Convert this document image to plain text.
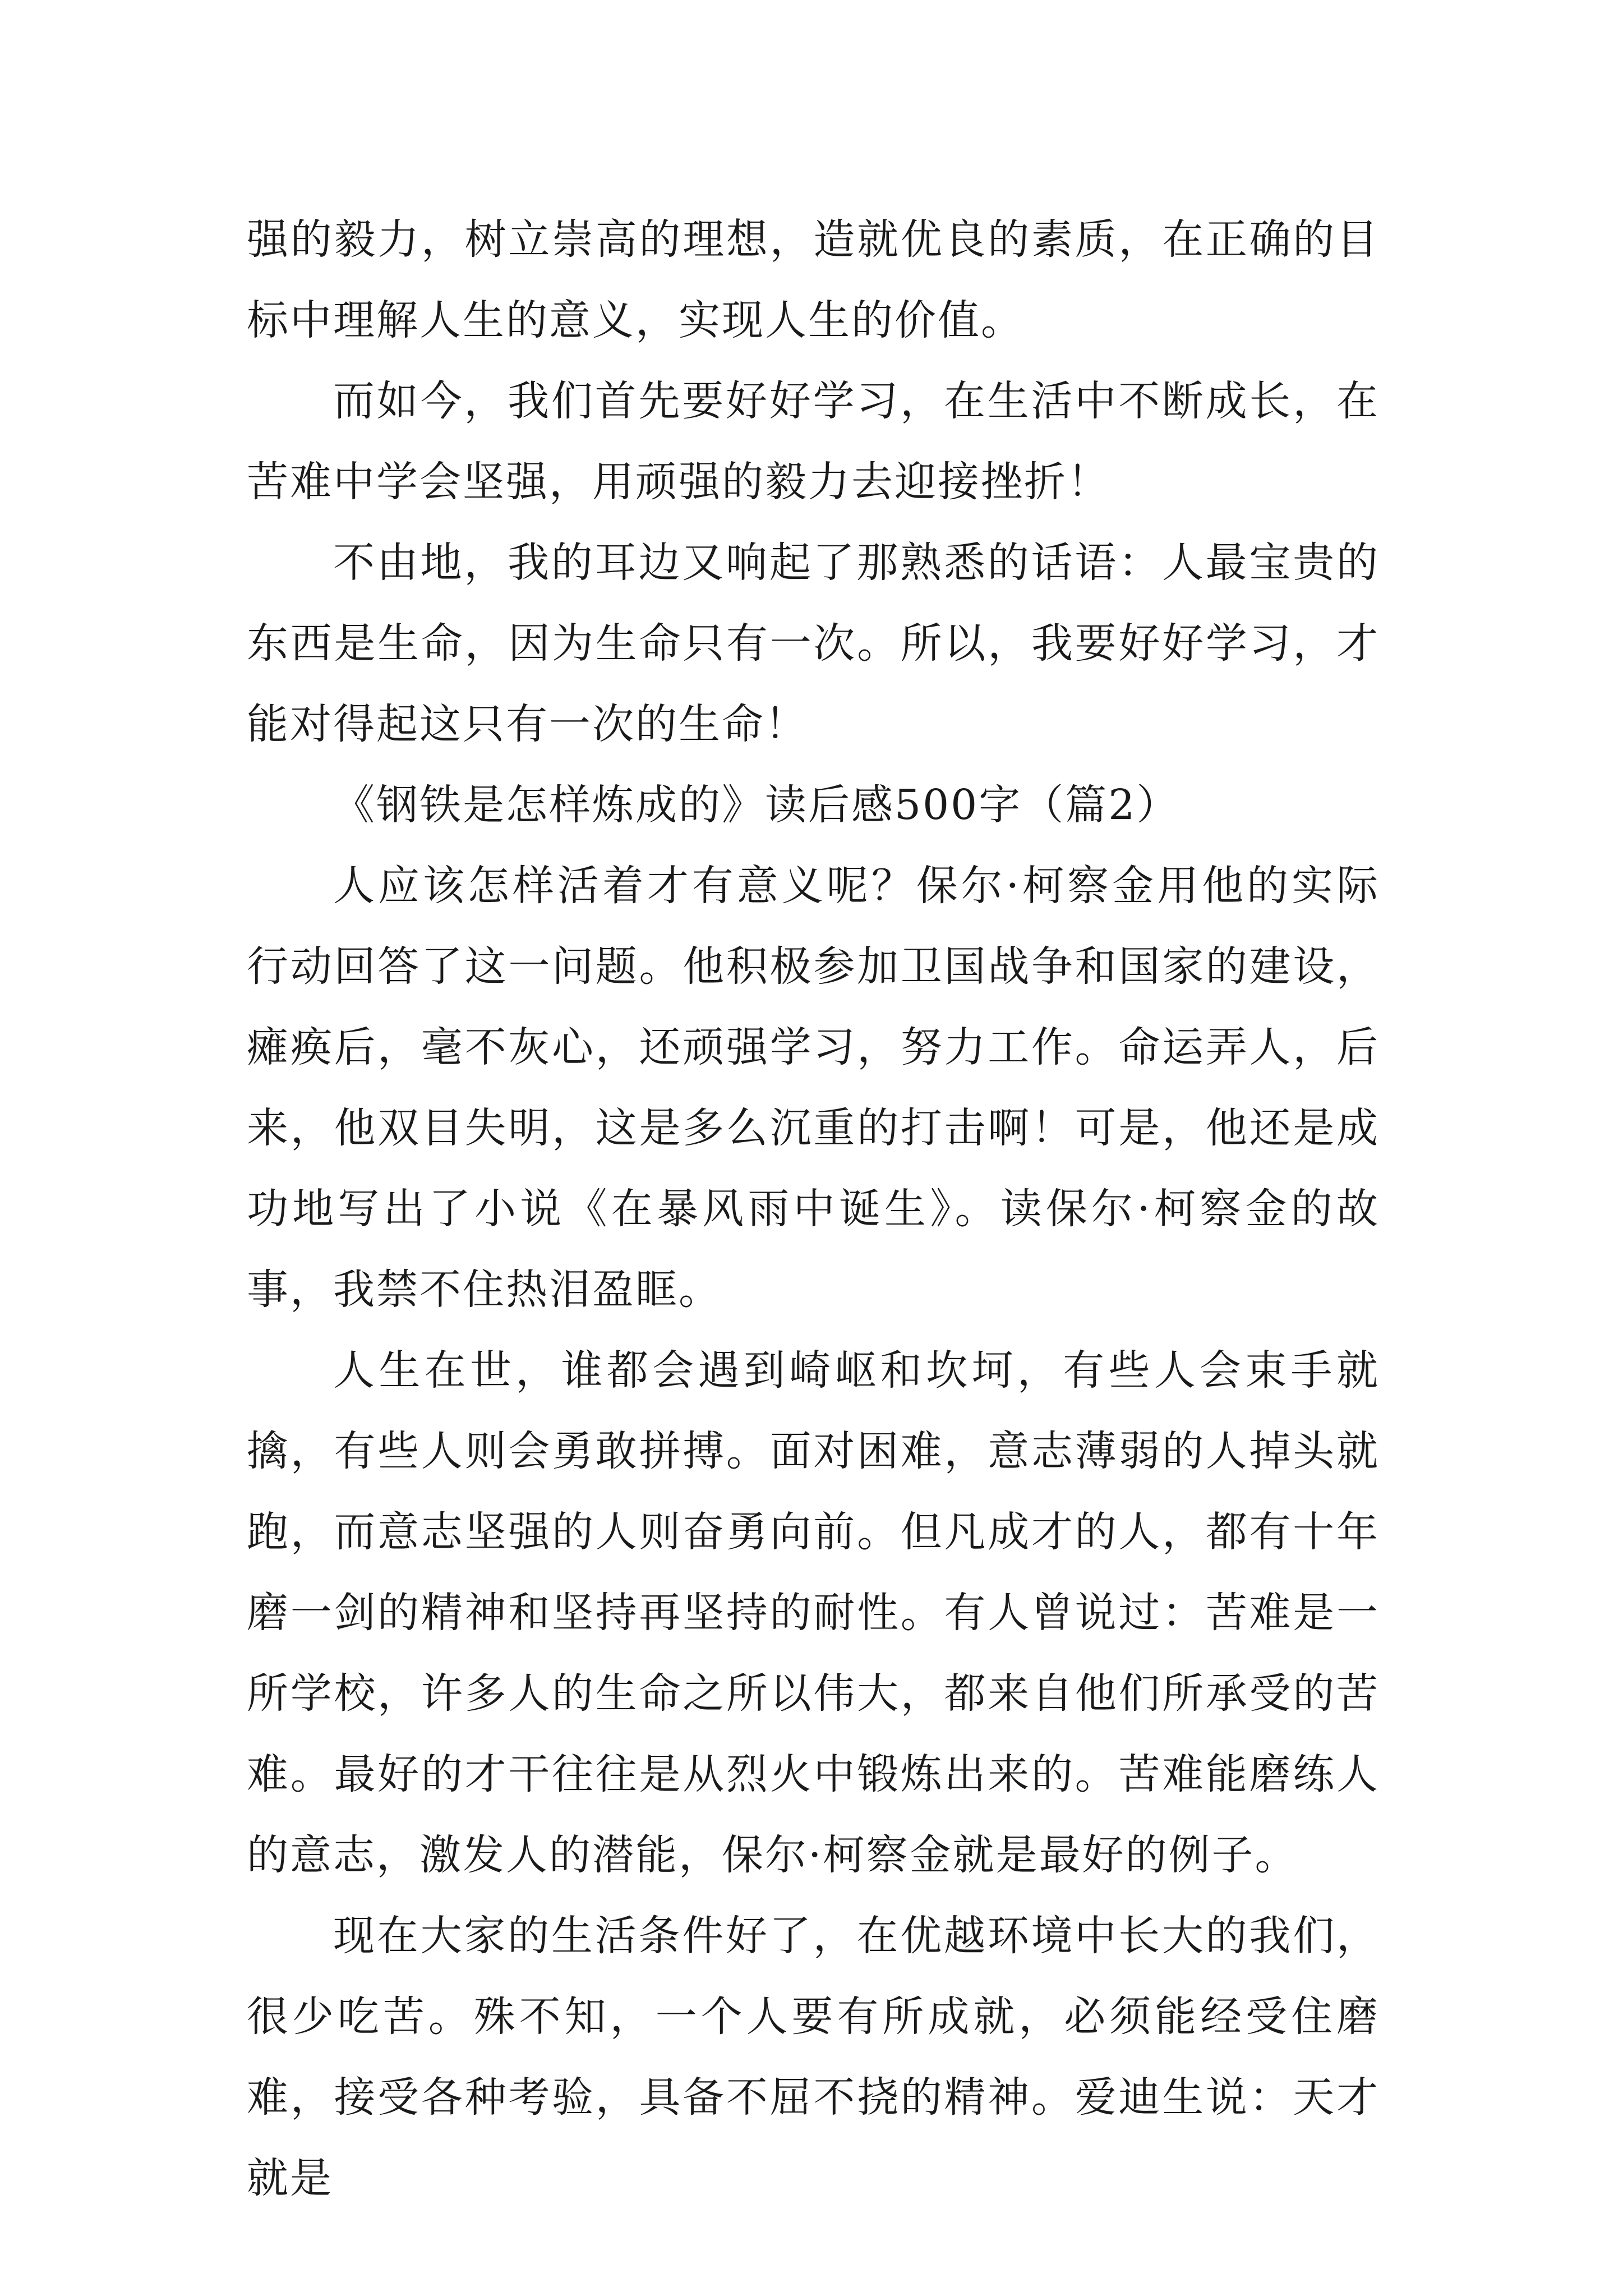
强的毅力，树立崇高的理想，造就优良的素质，在正确的目标中理解人生的意义，实现人生的价值。

而如今，我们首先要好好学习，在生活中不断成长，在苦难中学会坚强，用顽强的毅力去迎接挫折！

不由地，我的耳边又响起了那熟悉的话语：人最宝贵的东西是生命，因为生命只有一次。所以，我要好好学习，才能对得起这只有一次的生命！

《钢铁是怎样炼成的》读后感500字（篇2）

人应该怎样活着才有意义呢？保尔·柯察金用他的实际行动回答了这一问题。他积极参加卫国战争和国家的建设，瘫痪后，毫不灰心，还顽强学习，努力工作。命运弄人，后来，他双目失明，这是多么沉重的打击啊！可是，他还是成功地写出了小说《在暴风雨中诞生》。读保尔·柯察金的故事，我禁不住热泪盈眶。

人生在世，谁都会遇到崎岖和坎坷，有些人会束手就擒，有些人则会勇敢拼搏。面对困难，意志薄弱的人掉头就跑，而意志坚强的人则奋勇向前。但凡成才的人，都有十年磨一剑的精神和坚持再坚持的耐性。有人曾说过：苦难是一所学校，许多人的生命之所以伟大，都来自他们所承受的苦难。最好的才干往往是从烈火中锻炼出来的。苦难能磨练人的意志，激发人的潜能，保尔·柯察金就是最好的例子。

现在大家的生活条件好了，在优越环境中长大的我们，很少吃苦。殊不知，一个人要有所成就，必须能经受住磨难，接受各种考验，具备不屈不挠的精神。爱迪生说：天才就是
